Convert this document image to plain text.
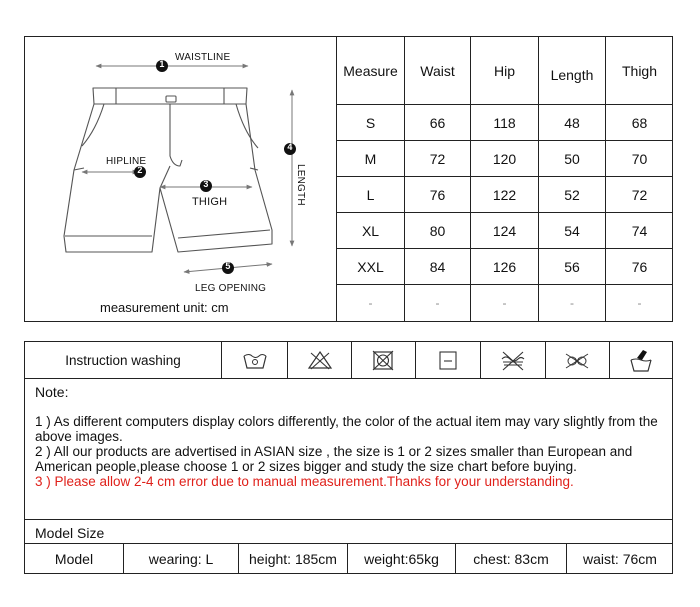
1
2
3
4
5
WAISTLINE
HIPLINE
THIGH	LENGTH
LEG OPENING
measurement unit: cm
Measure	Waist	Hip	Length	Thigh
S	66	118	48	68
M	72	120	50	70
L	76	122	52	72
XL	80	124	54	74
XXL	84	126	56	76
-	-	-	-	-
Instruction washing
Note:
1 ) As different computers display colors differently, the color of the actual item may vary slightly from the above images.
2 ) All our products are advertised in ASIAN size , the size is 1 or 2 sizes smaller than European and American people,please choose 1 or 2 sizes bigger and study the size chart before buying.
3 ) Please allow 2-4 cm error due to manual measurement.Thanks for your understanding.
Model Size
Model	wearing: L	height: 185cm	weight:65kg	chest: 83cm	waist: 76cm
